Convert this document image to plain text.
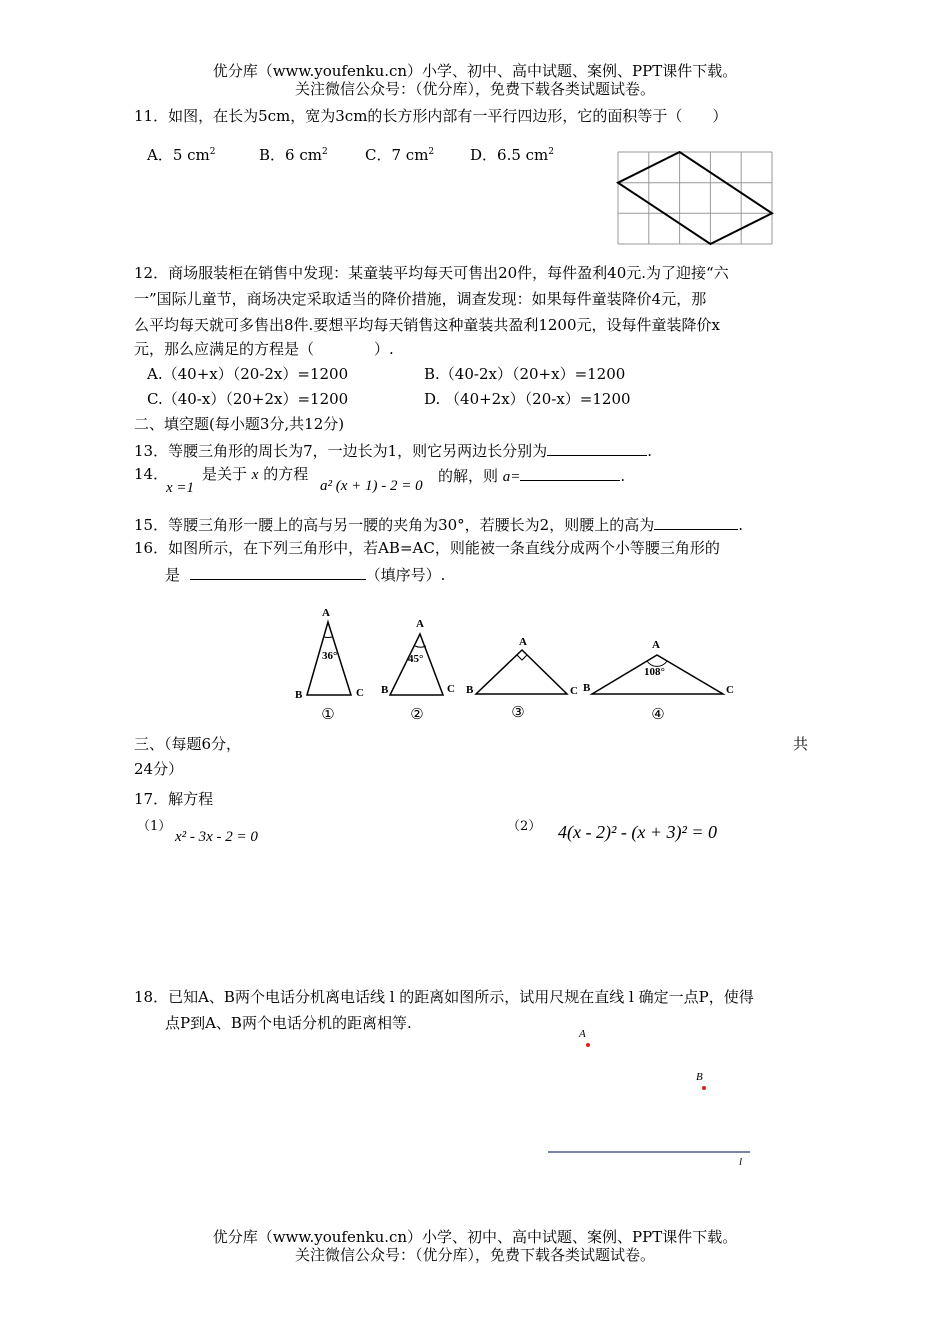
优分库（www.youfenku.cn）小学、初中、高中试题、案例、PPT课件下载。
关注微信公众号：（优分库），免费下载各类试题试卷。
11．如图，在长为5cm，宽为3cm的长方形内部有一平行四边形，它的面积等于（　　）
A．5 $cm^2$	B．6 $cm^2$ C．7 $cm^2$ D．6.5 $cm^2$
12．商场服装柜在销售中发现：某童装平均每天可售出20件，每件盈利40元.为了迎接“六
一”国际儿童节，商场决定采取适当的降价措施，调查发现：如果每件童装降价4元，那
么平均每天就可多售出8件.要想平均每天销售这种童装共盈利1200元，设每件童装降价x
元，那么应满足的方程是（　　　　）.
A.（40+x）（20-2x）=1200	B.（40-2x）（20+x）=1200
C.（40-x）（20+2x）=1200	D. （40+2x）（20-x）=1200
二、填空题(每小题3分,共12分)
13．等腰三角形的周长为7，一边长为1，则它另两边长分别为	.
14．
x =1
是关于 x 的方程
a² (x + 1) - 2 = 0
的解，则 a=	.
15．等腰三角形一腰上的高与另一腰的夹角为30°，若腰长为2，则腰上的高为	.
16．如图所示，在下列三角形中，若AB=AC，则能被一条直线分成两个小等腰三角形的
是	（填序号）.
A
36°
B	C
①
A
45°
B	C
②
A
B	C
③
A
108°
B	C
④
三、（每题6分，	共
24分）
17．解方程
（1）
x² - 3x - 2 = 0
（2） 4(x - 2)² - (x + 3)² = 0
18．已知A、B两个电话分机离电话线 l 的距离如图所示，试用尺规在直线 l 确定一点P，使得
点P到A、B两个电话分机的距离相等.
A
B
l
优分库（www.youfenku.cn）小学、初中、高中试题、案例、PPT课件下载。
关注微信公众号：（优分库），免费下载各类试题试卷。
